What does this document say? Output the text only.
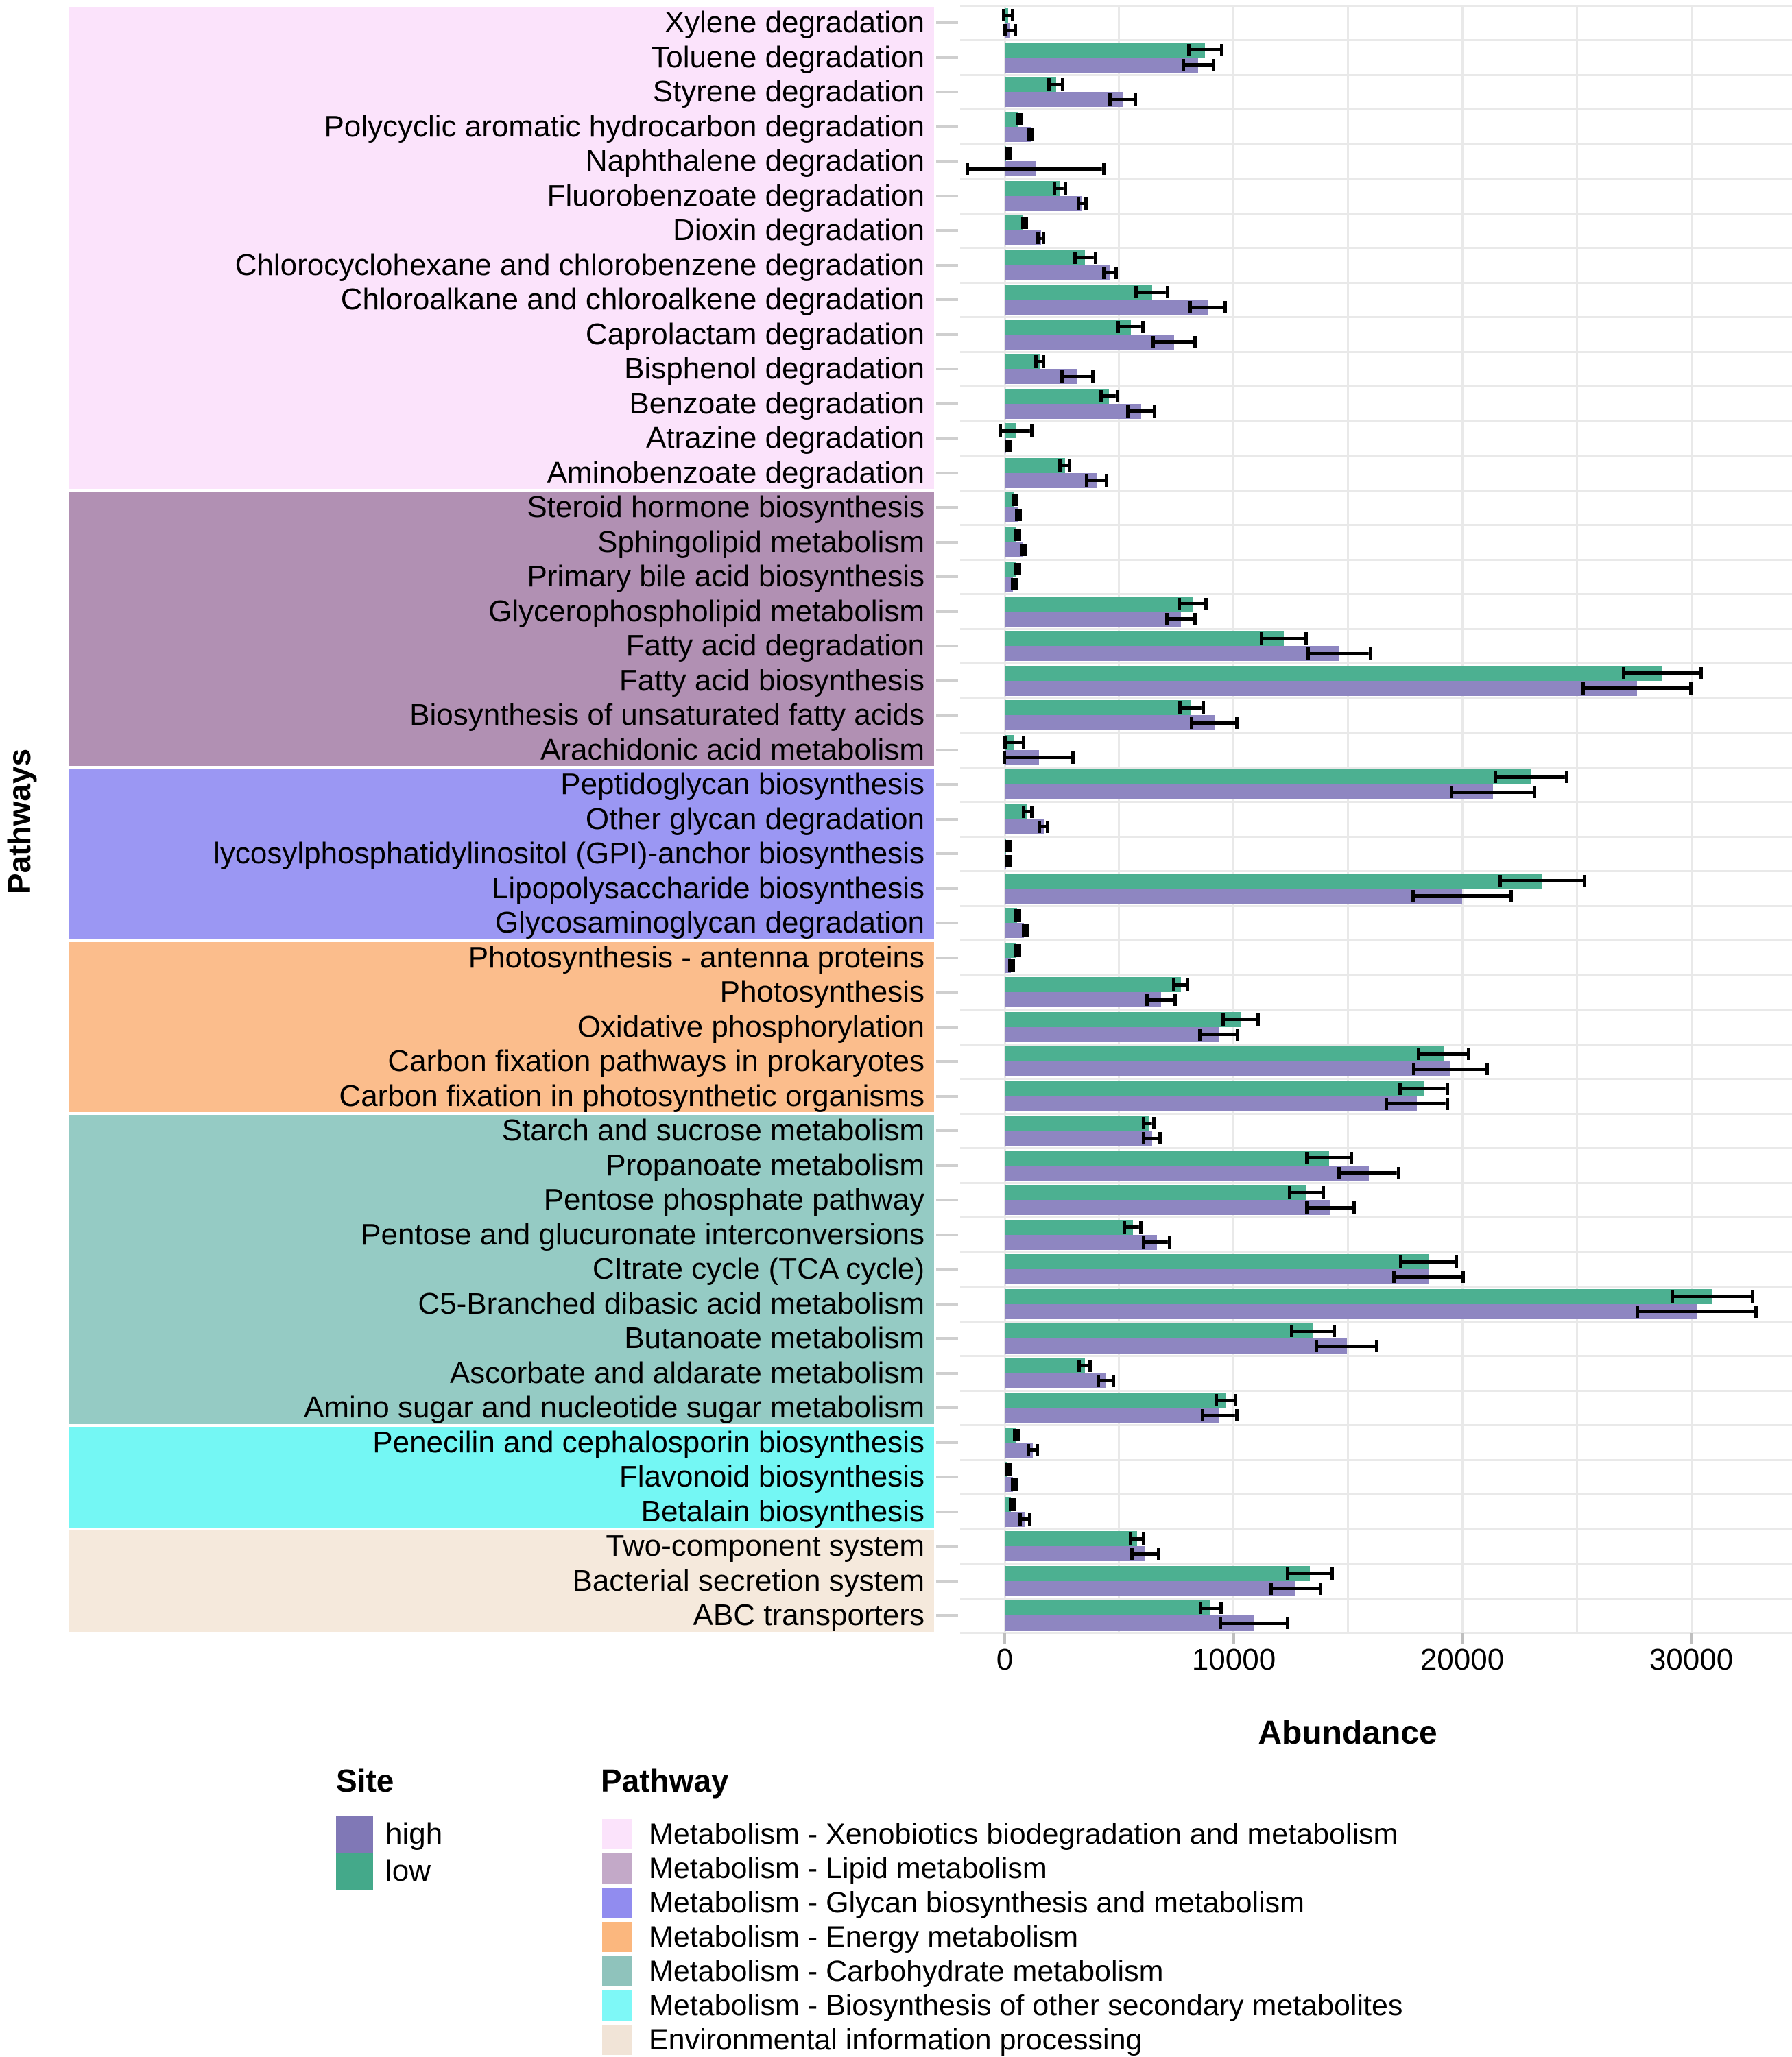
Pathways
Xylene degradation
Toluene degradation
Styrene degradation
Polycyclic aromatic hydrocarbon degradation
Naphthalene degradation
Fluorobenzoate degradation
Dioxin degradation
Chlorocyclohexane and chlorobenzene degradation
Chloroalkane and chloroalkene degradation
Caprolactam degradation
Bisphenol degradation
Benzoate degradation
Atrazine degradation
Aminobenzoate degradation
Steroid hormone biosynthesis
Sphingolipid metabolism
Primary bile acid biosynthesis
Glycerophospholipid metabolism
Fatty acid degradation
Fatty acid biosynthesis
Biosynthesis of unsaturated fatty acids
Arachidonic acid metabolism
Peptidoglycan biosynthesis
Other glycan degradation
lycosylphosphatidylinositol (GPI)-anchor biosynthesis
Lipopolysaccharide biosynthesis
Glycosaminoglycan degradation
Photosynthesis - antenna proteins
Photosynthesis
Oxidative phosphorylation
Carbon fixation pathways in prokaryotes
Carbon fixation in photosynthetic organisms
Starch and sucrose metabolism
Propanoate metabolism
Pentose phosphate pathway
Pentose and glucuronate interconversions
CItrate cycle (TCA cycle)
C5-Branched dibasic acid metabolism
Butanoate metabolism
Ascorbate and aldarate metabolism
Amino sugar and nucleotide sugar metabolism
Penecilin and cephalosporin biosynthesis
Flavonoid biosynthesis
Betalain biosynthesis
Two-component system
Bacterial secretion system
ABC transporters
0	10000	20000	30000
Abundance
Site
high
low
Pathway
Metabolism - Xenobiotics biodegradation and metabolism
Metabolism - Lipid metabolism
Metabolism - Glycan biosynthesis and metabolism
Metabolism - Energy metabolism
Metabolism - Carbohydrate metabolism
Metabolism - Biosynthesis of other secondary metabolites
Environmental information processing
